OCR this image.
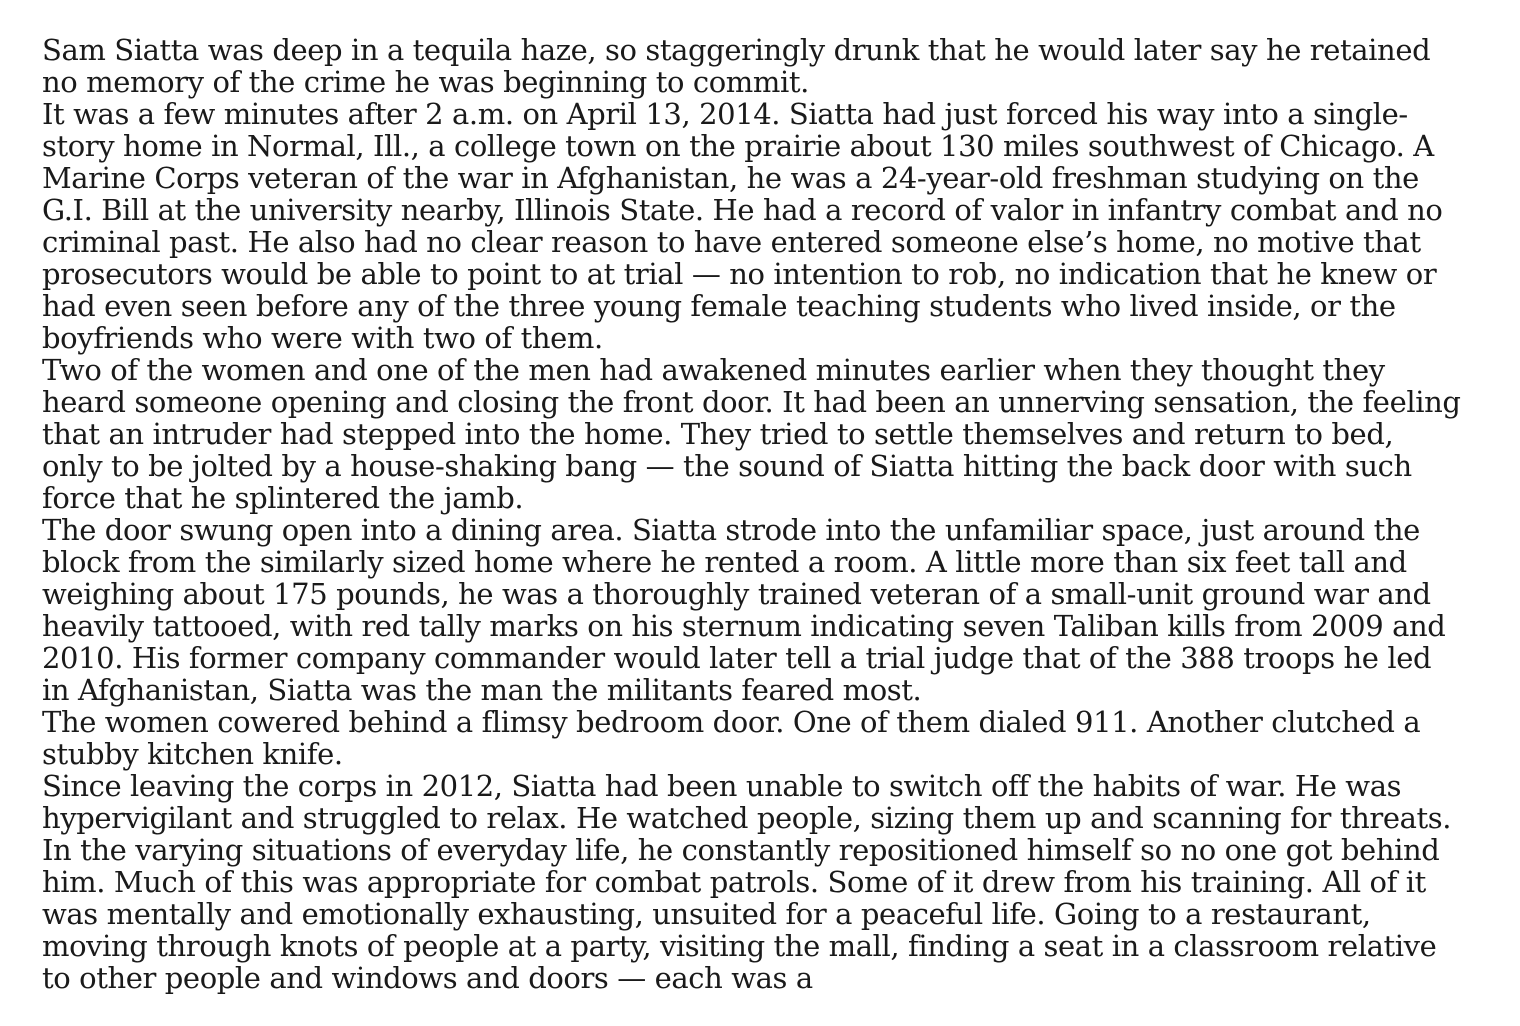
Sam Siatta was deep in a tequila haze, so staggeringly drunk that he would later say he retained no memory of the crime he was beginning to commit.

It was a few minutes after 2 a.m. on April 13, 2014. Siatta had just forced his way into a single-story home in Normal, Ill., a college town on the prairie about 130 miles southwest of Chicago. A Marine Corps veteran of the war in Afghanistan, he was a 24-year-old freshman studying on the G.I. Bill at the university nearby, Illinois State. He had a record of valor in infantry combat and no criminal past. He also had no clear reason to have entered someone else’s home, no motive that prosecutors would be able to point to at trial — no intention to rob, no indication that he knew or had even seen before any of the three young female teaching students who lived inside, or the boyfriends who were with two of them.

Two of the women and one of the men had awakened minutes earlier when they thought they heard someone opening and closing the front door. It had been an unnerving sensation, the feeling that an intruder had stepped into the home. They tried to settle themselves and return to bed, only to be jolted by a house-shaking bang — the sound of Siatta hitting the back door with such force that he splintered the jamb.

The door swung open into a dining area. Siatta strode into the unfamiliar space, just around the block from the similarly sized home where he rented a room. A little more than six feet tall and weighing about 175 pounds, he was a thoroughly trained veteran of a small-unit ground war and heavily tattooed, with red tally marks on his sternum indicating seven Taliban kills from 2009 and 2010. His former company commander would later tell a trial judge that of the 388 troops he led in Afghanistan, Siatta was the man the militants feared most.

The women cowered behind a flimsy bedroom door. One of them dialed 911. Another clutched a stubby kitchen knife.

Since leaving the corps in 2012, Siatta had been unable to switch off the habits of war. He was hypervigilant and struggled to relax. He watched people, sizing them up and scanning for threats. In the varying situations of everyday life, he constantly repositioned himself so no one got behind him. Much of this was appropriate for combat patrols. Some of it drew from his training. All of it was mentally and emotionally exhausting, unsuited for a peaceful life. Going to a restaurant, moving through knots of people at a party, visiting the mall, finding a seat in a classroom relative to other people and windows and doors — each was a
